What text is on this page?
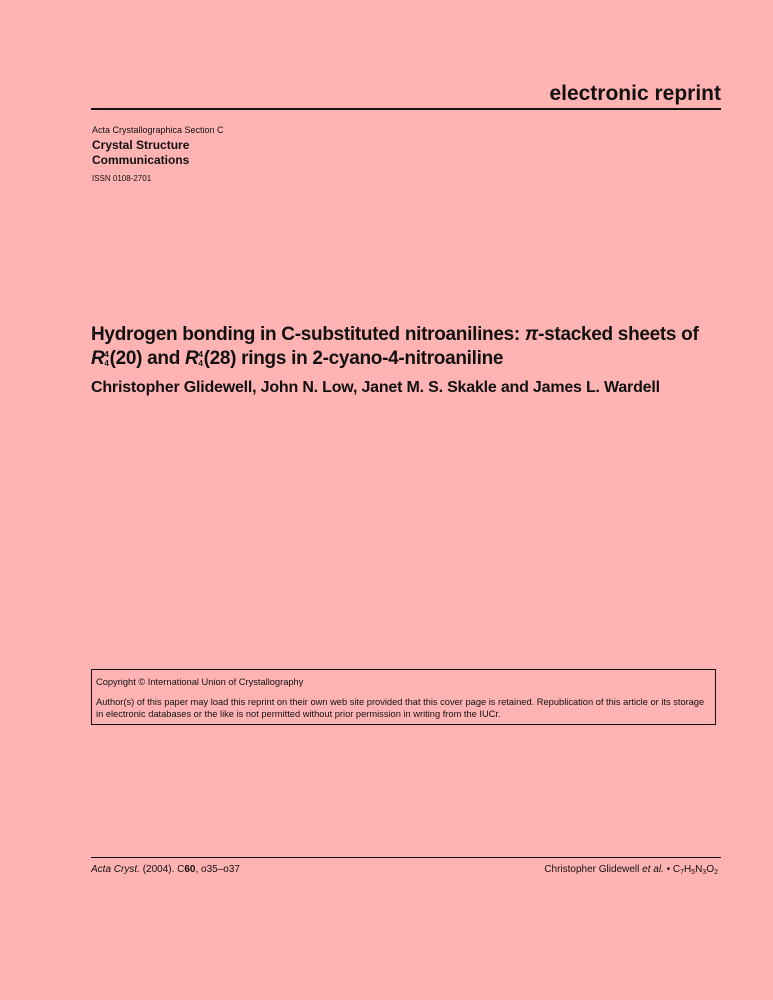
electronic reprint
Acta Crystallographica Section C
Crystal Structure
Communications
ISSN 0108-2701
Hydrogen bonding in C-substituted nitroanilines: π-stacked sheets of
R 4
4 (20) and R 4
4 (28) rings in 2-cyano-4-nitroaniline
Christopher Glidewell, John N. Low, Janet M. S. Skakle and James L. Wardell
Copyright © International Union of Crystallography
Author(s) of this paper may load this reprint on their own web site provided that this cover page is retained. Republication of this article or its storage in electronic databases or the like is not permitted without prior permission in writing from the IUCr.
Acta Cryst. (2004). C60, o35–o37	Christopher Glidewell et al. • $C_7H_5N_3O_2$
